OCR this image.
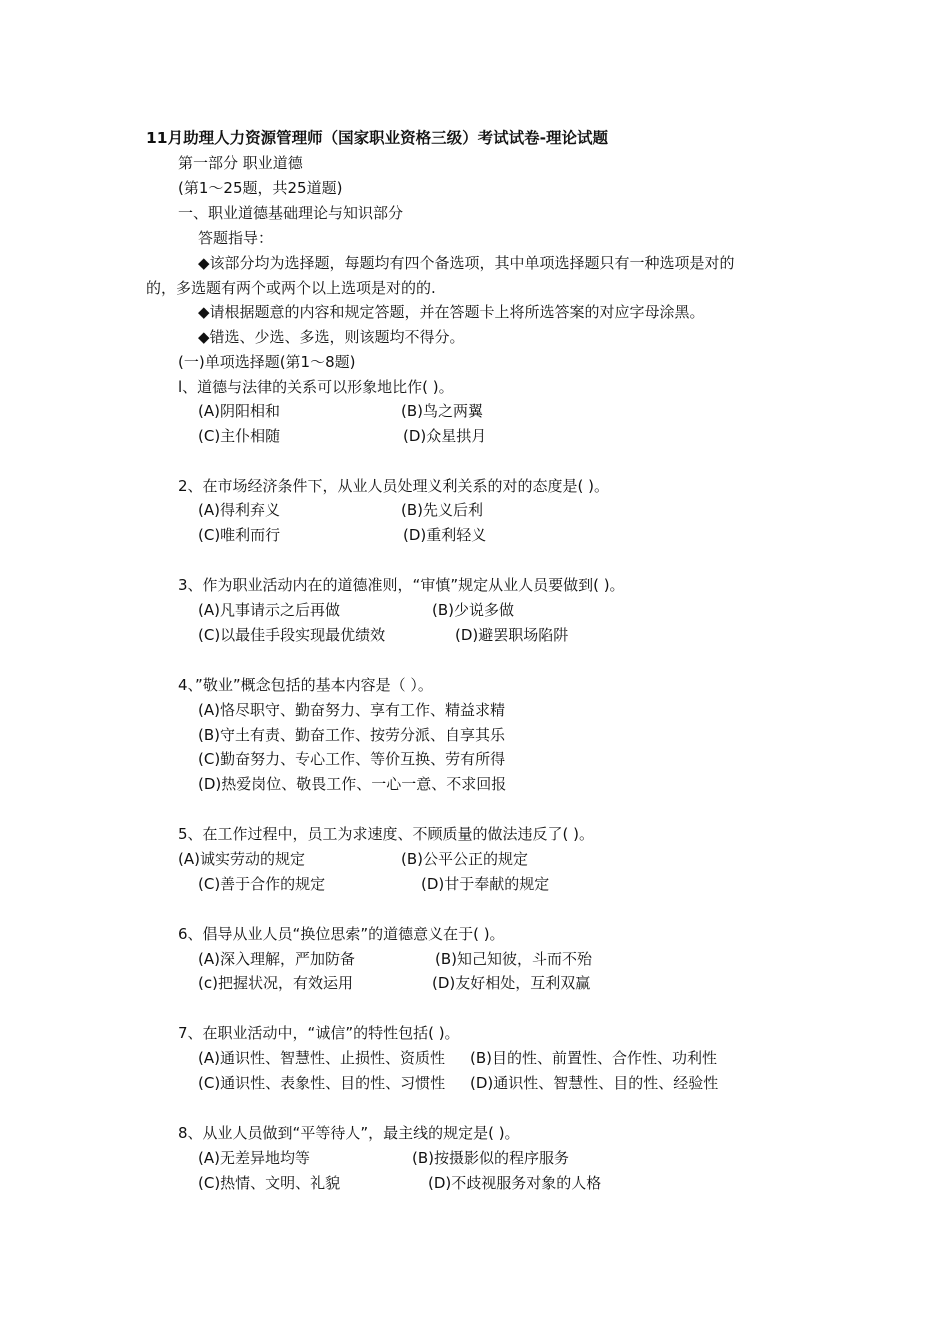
11月助理人力资源管理师（国家职业资格三级）考试试卷-理论试题
第一部分 职业道德
(第1～25题，共25道题)
一、职业道德基础理论与知识部分
答题指导：
◆该部分均为选择题，每题均有四个备选项，其中单项选择题只有一种选项是对的
的，多选题有两个或两个以上选项是对的的.
◆请根据题意的内容和规定答题，并在答题卡上将所选答案的对应字母涂黑。
◆错选、少选、多选，则该题均不得分。
(一)单项选择题(第1～8题)
l、道德与法律的关系可以形象地比作( )。
(A)阴阳相和	(B)鸟之两翼
(C)主仆相随	(D)众星拱月
2、在市场经济条件下，从业人员处理义利关系的对的态度是( )。
(A)得利弃义	(B)先义后利
(C)唯利而行	(D)重利轻义
3、作为职业活动内在的道德准则，“审慎”规定从业人员要做到( )。
(A)凡事请示之后再做	(B)少说多做
(C)以最佳手段实现最优绩效	(D)避罢职场陷阱
4、”敬业”概念包括的基本内容是（ ）。
(A)恪尽职守、勤奋努力、享有工作、精益求精
(B)守土有责、勤奋工作、按劳分派、自享其乐
(C)勤奋努力、专心工作、等价互换、劳有所得
(D)热爱岗位、敬畏工作、一心一意、不求回报
5、在工作过程中，员工为求速度、不顾质量的做法违反了( )。
(A)诚实劳动的规定	(B)公平公正的规定
(C)善于合作的规定	(D)甘于奉献的规定
6、倡导从业人员“换位思索”的道德意义在于( )。
(A)深入理解，严加防备	(B)知己知彼，斗而不殆
(c)把握状况，有效运用	(D)友好相处，互利双赢
7、在职业活动中，“诚信”的特性包括( )。
(A)通识性、智慧性、止损性、资质性 (B)目的性、前置性、合作性、功利性
(C)通识性、表象性、目的性、习惯性 (D)通识性、智慧性、目的性、经验性
8、从业人员做到“平等待人”，最主线的规定是( )。
(A)无差异地均等	(B)按摄影似的程序服务
(C)热情、文明、礼貌	(D)不歧视服务对象的人格
